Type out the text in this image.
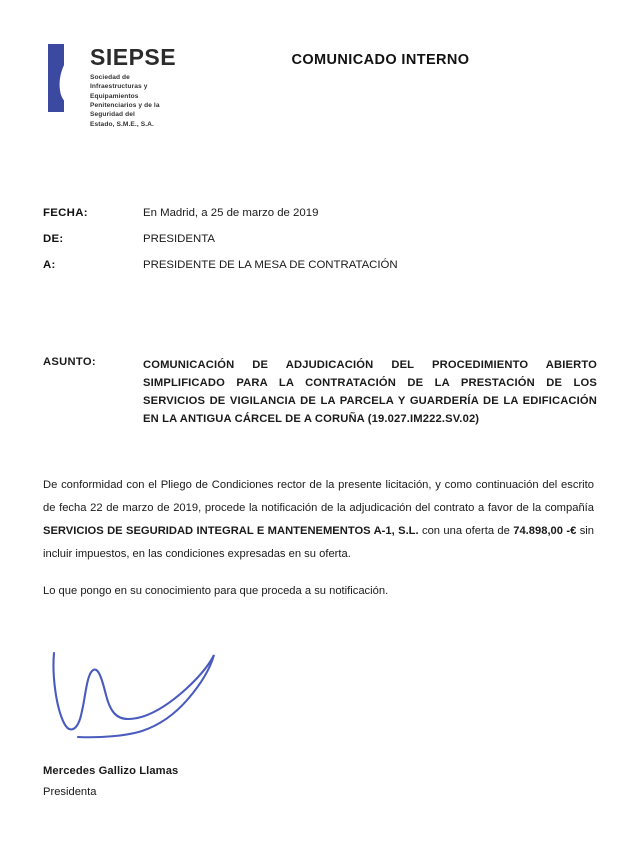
SIEPSE
Sociedad de
Infraestructuras y
Equipamientos
Penitenciarios y de la
Seguridad del
Estado, S.M.E., S.A.
COMUNICADO INTERNO
FECHA:	En Madrid, a 25 de marzo de 2019
DE:	PRESIDENTA
A:	PRESIDENTE DE LA MESA DE CONTRATACIÓN
ASUNTO:	COMUNICACIÓN DE ADJUDICACIÓN DEL PROCEDIMIENTO ABIERTO SIMPLIFICADO PARA LA CONTRATACIÓN DE LA PRESTACIÓN DE LOS SERVICIOS DE VIGILANCIA DE LA PARCELA Y GUARDERÍA DE LA EDIFICACIÓN EN LA ANTIGUA CÁRCEL DE A CORUÑA (19.027.IM222.SV.02)
De conformidad con el Pliego de Condiciones rector de la presente licitación, y como continuación del escrito de fecha 22 de marzo de 2019, procede la notificación de la adjudicación del contrato a favor de la compañía SERVICIOS DE SEGURIDAD INTEGRAL E MANTENEMENTOS A-1, S.L. con una oferta de 74.898,00 -€ sin incluir impuestos, en las condiciones expresadas en su oferta.
Lo que pongo en su conocimiento para que proceda a su notificación.
Mercedes Gallizo Llamas
Presidenta
